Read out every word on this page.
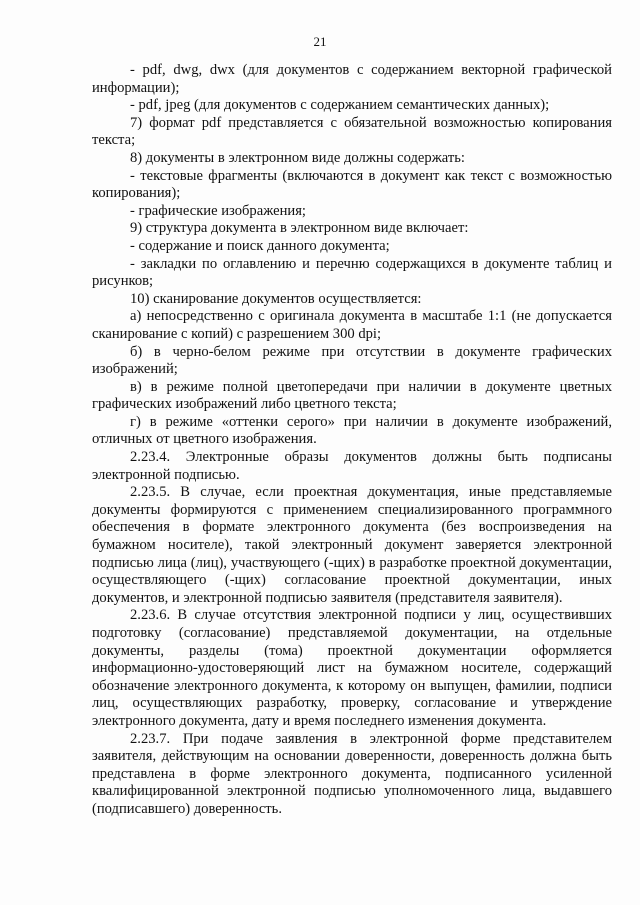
21

- pdf, dwg, dwx (для документов с содержанием векторной графической информации);

- pdf, jpeg (для документов с содержанием семантических данных);

7) формат pdf представляется с обязательной возможностью копирования текста;

8) документы в электронном виде должны содержать:

- текстовые фрагменты (включаются в документ как текст с возможностью копирования);

- графические изображения;

9) структура документа в электронном виде включает:

- содержание и поиск данного документа;

- закладки по оглавлению и перечню содержащихся в документе таблиц и рисунков;

10) сканирование документов осуществляется:

а) непосредственно с оригинала документа в масштабе 1:1 (не допускается сканирование с копий) с разрешением 300 dpi;

б) в черно-белом режиме при отсутствии в документе графических изображений;

в) в режиме полной цветопередачи при наличии в документе цветных графических изображений либо цветного текста;

г) в режиме «оттенки серого» при наличии в документе изображений, отличных от цветного изображения.

2.23.4. Электронные образы документов должны быть подписаны электронной подписью.

2.23.5. В случае, если проектная документация, иные представляемые документы формируются с применением специализированного программного обеспечения в формате электронного документа (без воспроизведения на бумажном носителе), такой электронный документ заверяется электронной подписью лица (лиц), участвующего (-щих) в разработке проектной документации, осуществляющего (-щих) согласование проектной документации, иных документов, и электронной подписью заявителя (представителя заявителя).

2.23.6. В случае отсутствия электронной подписи у лиц, осуществивших подготовку (согласование) представляемой документации, на отдельные документы, разделы (тома) проектной документации оформляется информационно-удостоверяющий лист на бумажном носителе, содержащий обозначение электронного документа, к которому он выпущен, фамилии, подписи лиц, осуществляющих разработку, проверку, согласование и утверждение электронного документа, дату и время последнего изменения документа.

2.23.7. При подаче заявления в электронной форме представителем заявителя, действующим на основании доверенности, доверенность должна быть представлена в форме электронного документа, подписанного усиленной квалифицированной электронной подписью уполномоченного лица, выдавшего (подписавшего) доверенность.
